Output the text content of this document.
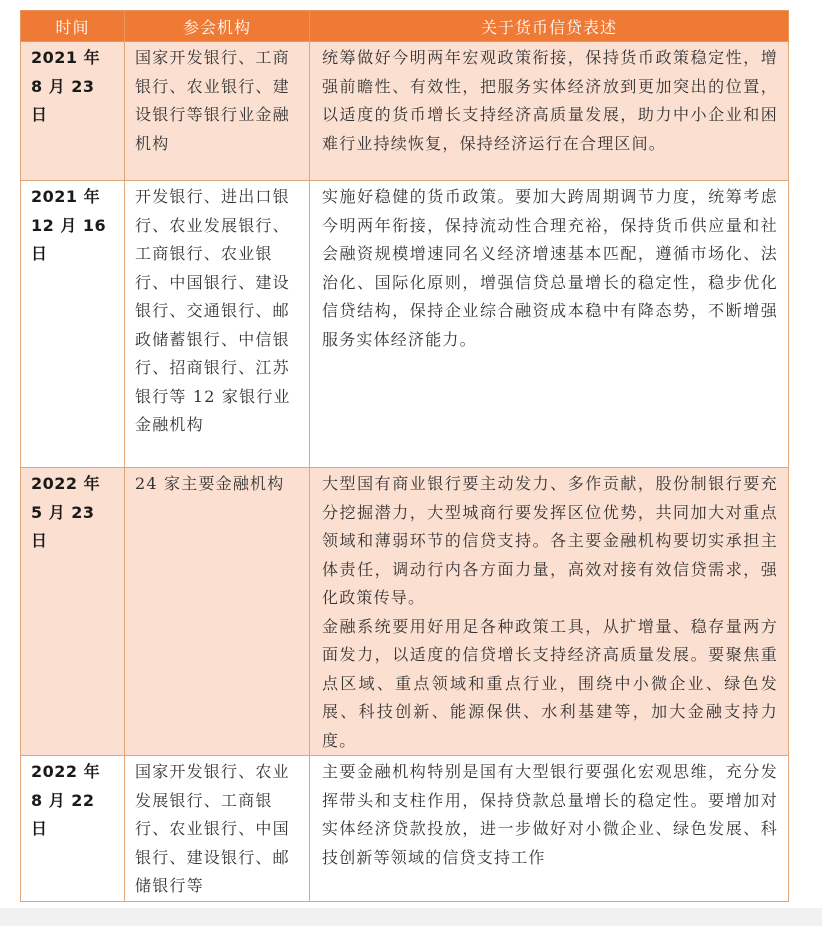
时间	参会机构	关于货币信贷表述
2021 年 8 月 23 日	国家开发银行、工商银行、农业银行、建设银行等银行业金融机构	统筹做好今明两年宏观政策衔接，保持货币政策稳定性，增强前瞻性、有效性，把服务实体经济放到更加突出的位置，以适度的货币增长支持经济高质量发展，助力中小企业和困难行业持续恢复，保持经济运行在合理区间。

2021 年 12 月 16 日	开发银行、进出口银行、农业发展银行、工商银行、农业银行、中国银行、建设银行、交通银行、邮政储蓄银行、中信银行、招商银行、江苏银行等 12 家银行业金融机构	实施好稳健的货币政策。要加大跨周期调节力度，统筹考虑今明两年衔接，保持流动性合理充裕，保持货币供应量和社会融资规模增速同名义经济增速基本匹配，遵循市场化、法治化、国际化原则，增强信贷总量增长的稳定性，稳步优化信贷结构，保持企业综合融资成本稳中有降态势，不断增强服务实体经济能力。

2022 年 5 月 23 日	24 家主要金融机构	大型国有商业银行要主动发力、多作贡献，股份制银行要充分挖掘潜力，大型城商行要发挥区位优势，共同加大对重点领域和薄弱环节的信贷支持。各主要金融机构要切实承担主体责任，调动行内各方面力量，高效对接有效信贷需求，强化政策传导。
金融系统要用好用足各种政策工具，从扩增量、稳存量两方面发力，以适度的信贷增长支持经济高质量发展。要聚焦重点区域、重点领域和重点行业，围绕中小微企业、绿色发展、科技创新、能源保供、水利基建等，加大金融支持力度。

2022 年 8 月 22 日	国家开发银行、农业发展银行、工商银行、农业银行、中国银行、建设银行、邮储银行等	主要金融机构特别是国有大型银行要强化宏观思维，充分发挥带头和支柱作用，保持贷款总量增长的稳定性。要增加对实体经济贷款投放，进一步做好对小微企业、绿色发展、科技创新等领域的信贷支持工作
